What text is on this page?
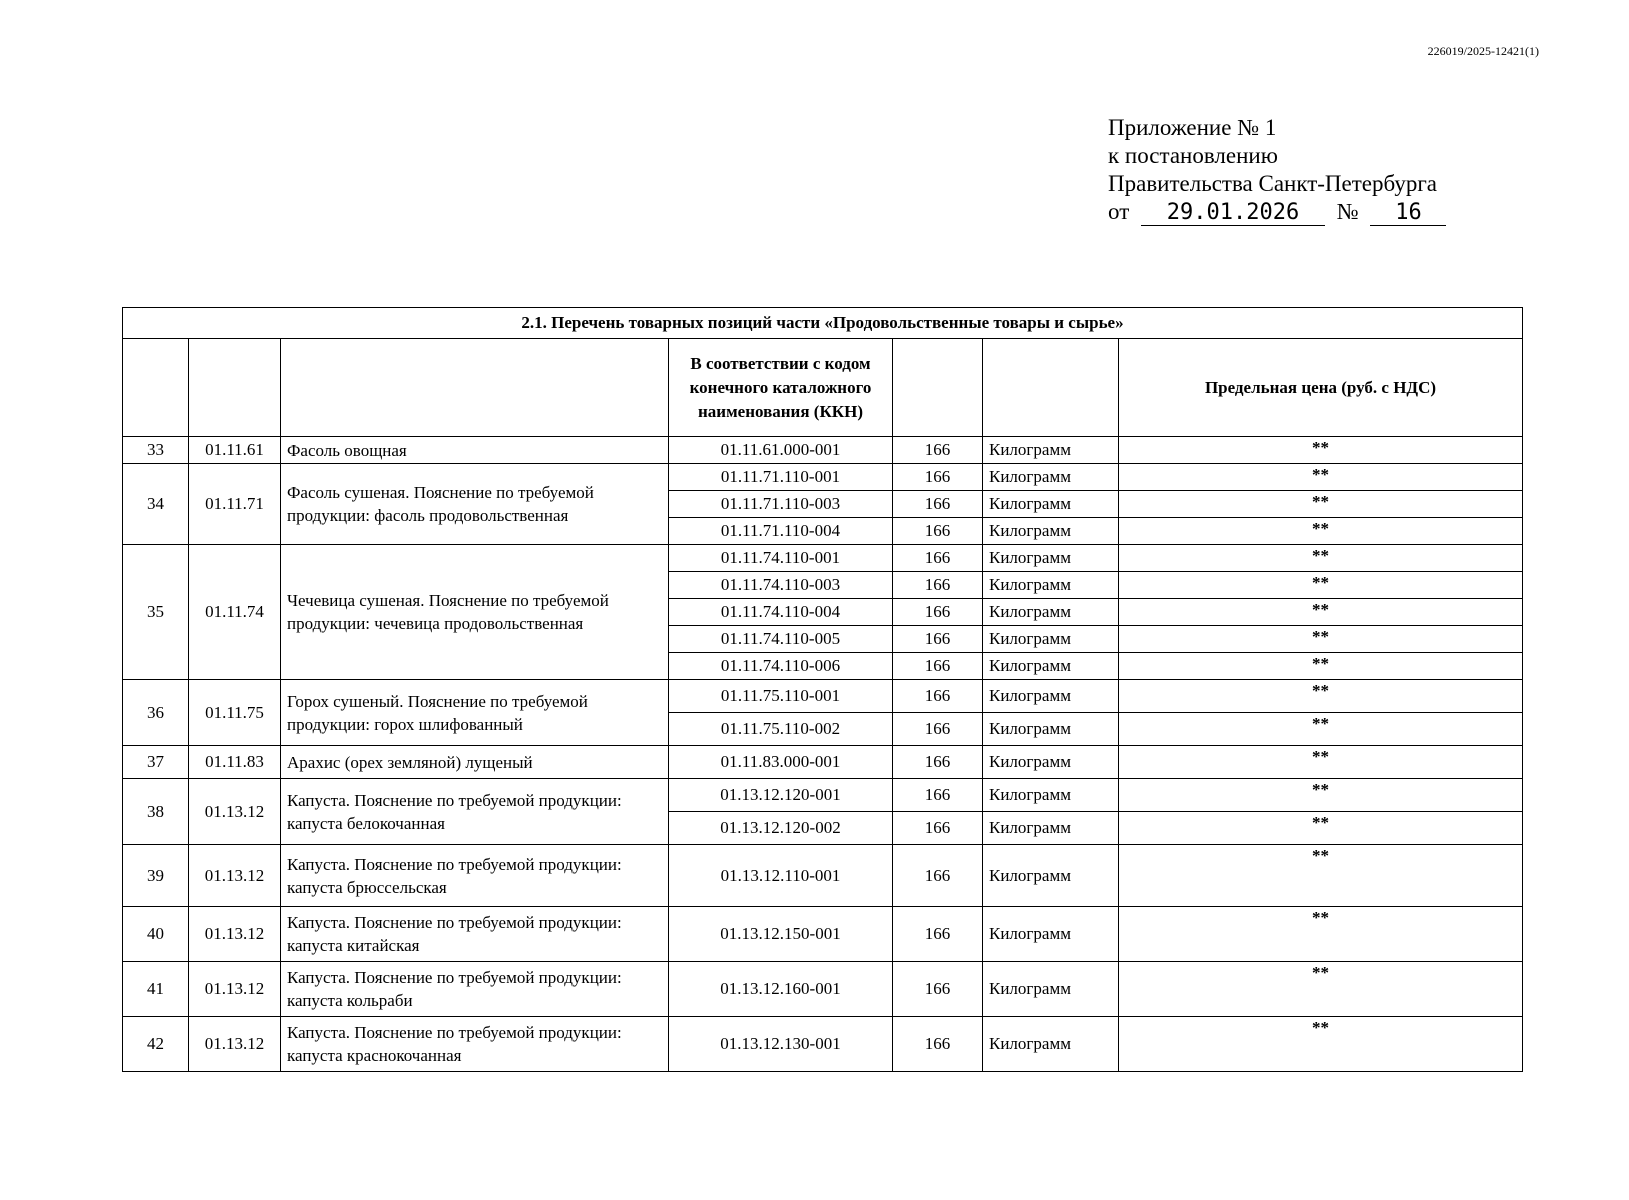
226019/2025-12421(1)
Приложение № 1
к постановлению
Правительства Санкт-Петербурга
от 29.01.2026 № 16
2.1. Перечень товарных позиций части «Продовольственные товары и сырье»						
			В соответствии с кодом конечного каталожного наименования (ККН)			Предельная цена (руб. с НДС)
33	01.11.61	Фасоль овощная	01.11.61.000-001	166	Килограмм	**
34	01.11.71	Фасоль сушеная. Пояснение по требуемой продукции: фасоль продовольственная	01.11.71.110-001	166	Килограмм	**
			01.11.71.110-003	166	Килограмм	**
			01.11.71.110-004	166	Килограмм	**
35	01.11.74	Чечевица сушеная. Пояснение по требуемой продукции: чечевица продовольственная	01.11.74.110-001	166	Килограмм	**
			01.11.74.110-003	166	Килограмм	**
			01.11.74.110-004	166	Килограмм	**
			01.11.74.110-005	166	Килограмм	**
			01.11.74.110-006	166	Килограмм	**
36	01.11.75	Горох сушеный. Пояснение по требуемой продукции: горох шлифованный	01.11.75.110-001	166	Килограмм	**
			01.11.75.110-002	166	Килограмм	**
37	01.11.83	Арахис (орех земляной) лущеный	01.11.83.000-001	166	Килограмм	**
38	01.13.12	Капуста. Пояснение по требуемой продукции: капуста белокочанная	01.13.12.120-001	166	Килограмм	**
			01.13.12.120-002	166	Килограмм	**
39	01.13.12	Капуста. Пояснение по требуемой продукции: капуста брюссельская	01.13.12.110-001	166	Килограмм	**
40	01.13.12	Капуста. Пояснение по требуемой продукции: капуста китайская	01.13.12.150-001	166	Килограмм	**
41	01.13.12	Капуста. Пояснение по требуемой продукции: капуста кольраби	01.13.12.160-001	166	Килограмм	**
42	01.13.12	Капуста. Пояснение по требуемой продукции: капуста краснокочанная	01.13.12.130-001	166	Килограмм	**
